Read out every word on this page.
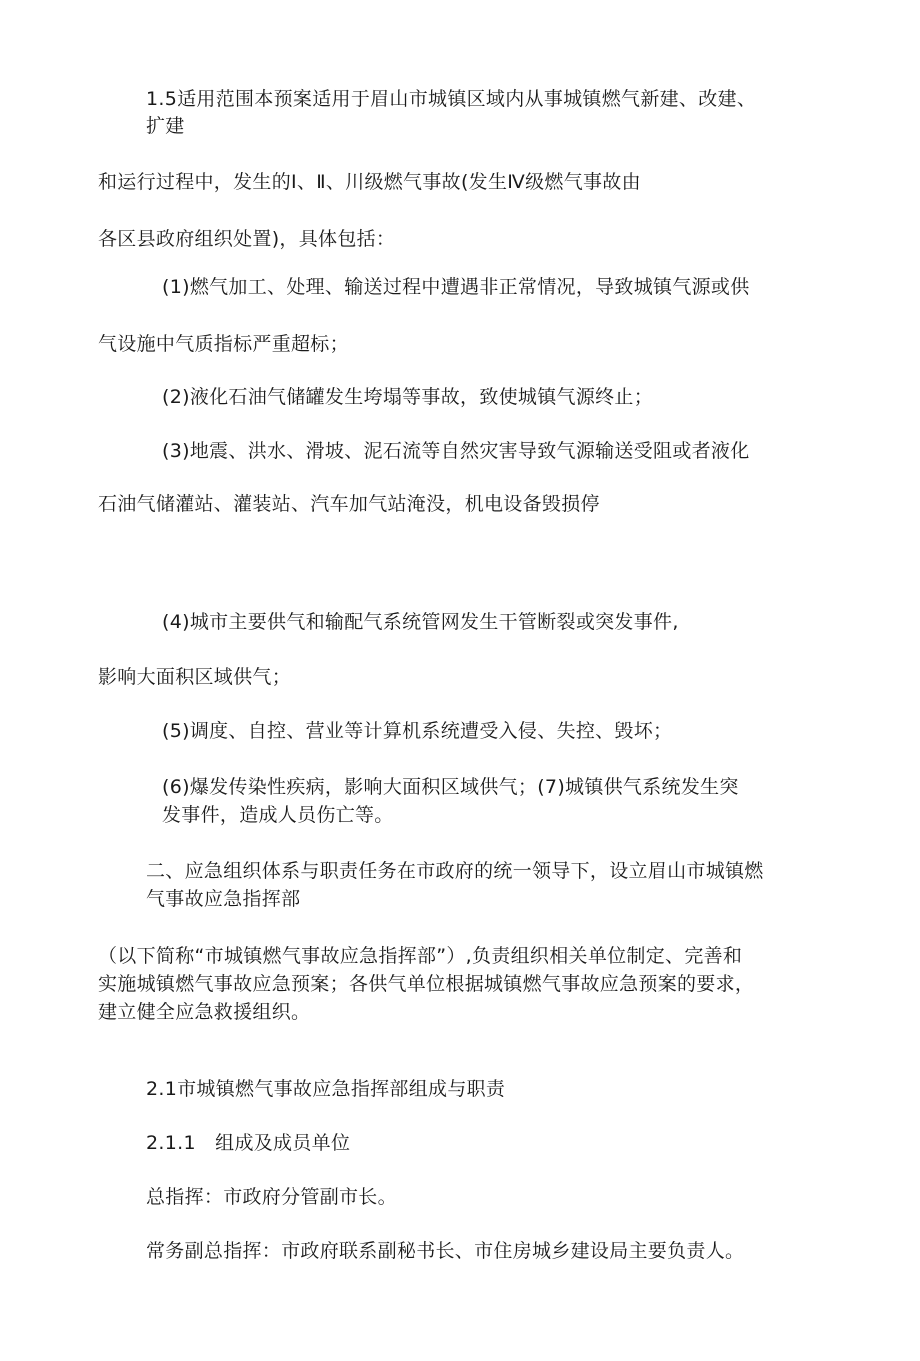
1.5适用范围本预案适用于眉山市城镇区域内从事城镇燃气新建、改建、
扩建
和运行过程中，发生的Ⅰ、Ⅱ、川级燃气事故(发生Ⅳ级燃气事故由
各区县政府组织处置)，具体包括：
(1)燃气加工、处理、输送过程中遭遇非正常情况，导致城镇气源或供
气设施中气质指标严重超标；
(2)液化石油气储罐发生垮塌等事故，致使城镇气源终止；
(3)地震、洪水、滑坡、泥石流等自然灾害导致气源输送受阻或者液化
石油气储灌站、灌装站、汽车加气站淹没，机电设备毁损停
(4)城市主要供气和输配气系统管网发生干管断裂或突发事件,
影响大面积区域供气；
(5)调度、自控、营业等计算机系统遭受入侵、失控、毁坏；
(6)爆发传染性疾病，影响大面积区域供气；(7)城镇供气系统发生突
发事件，造成人员伤亡等。
二、应急组织体系与职责任务在市政府的统一领导下，设立眉山市城镇燃
气事故应急指挥部
（以下简称“市城镇燃气事故应急指挥部”）,负责组织相关单位制定、完善和
实施城镇燃气事故应急预案；各供气单位根据城镇燃气事故应急预案的要求，
建立健全应急救援组织。
2.1市城镇燃气事故应急指挥部组成与职责
2.1.1　组成及成员单位
总指挥：市政府分管副市长。
常务副总指挥：市政府联系副秘书长、市住房城乡建设局主要负责人。
